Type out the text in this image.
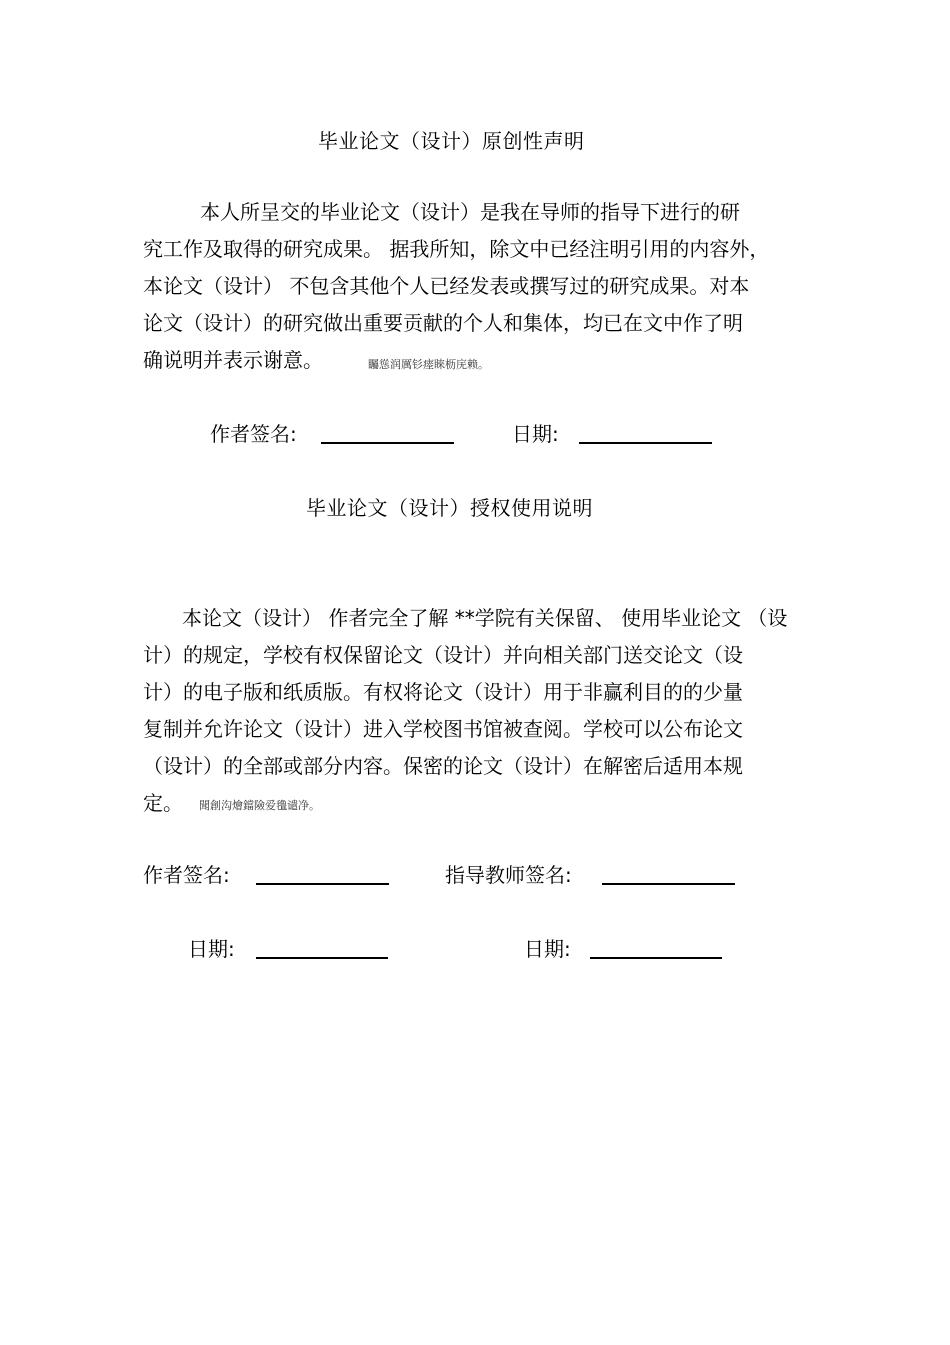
毕业论文（设计）原创性声明
本人所呈交的毕业论文（设计）是我在导师的指导下进行的研
究工作及取得的研究成果。 据我所知，除文中已经注明引用的内容外，
本论文（设计） 不包含其他个人已经发表或撰写过的研究成果。对本
论文（设计）的研究做出重要贡献的个人和集体，均已在文中作了明
确说明并表示谢意。	矚慫润厲钐瘗睞枥庑赖。
作者签名:	日期:
毕业论文（设计）授权使用说明
本论文（设计） 作者完全了解 **学院有关保留、 使用毕业论文 （设
计）的规定，学校有权保留论文（设计）并向相关部门送交论文（设
计）的电子版和纸质版。有权将论文（设计）用于非赢利目的的少量
复制并允许论文（设计）进入学校图书馆被查阅。学校可以公布论文
（设计）的全部或部分内容。保密的论文（设计）在解密后适用本规
定。 聞創沟燴鐺險爱氇谴净。
作者签名:	指导教师签名:
日期:	日期:
